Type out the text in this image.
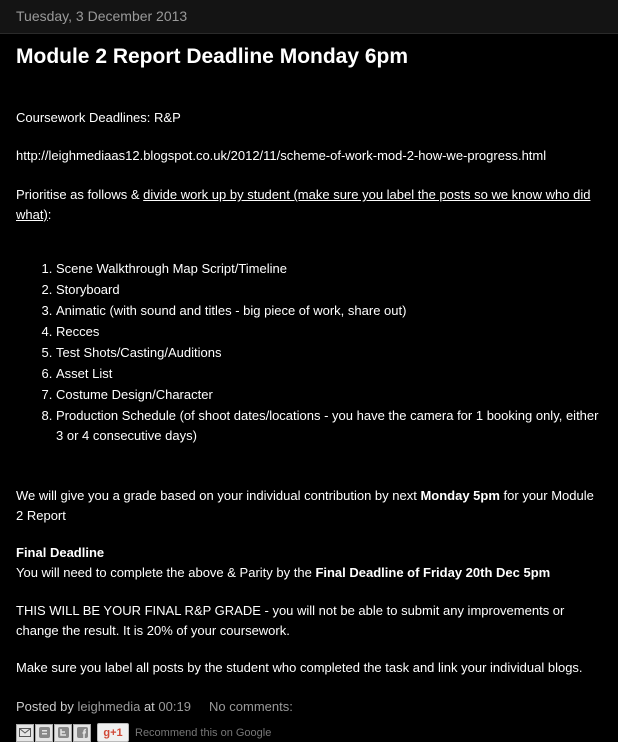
Tuesday, 3 December 2013
Module 2 Report Deadline Monday 6pm

Coursework Deadlines: R&P

http://leighmediaas12.blogspot.co.uk/2012/11/scheme-of-work-mod-2-how-we-progress.html

Prioritise as follows & divide work up by student (make sure you label the posts so we know who did what):

1. Scene Walkthrough Map Script/Timeline
2. Storyboard
3. Animatic (with sound and titles - big piece of work, share out)
4. Recces
5. Test Shots/Casting/Auditions
6. Asset List
7. Costume Design/Character
8. Production Schedule (of shoot dates/locations - you have the camera for 1 booking only, either 3 or 4 consecutive days)

We will give you a grade based on your individual contribution by next Monday 5pm for your Module 2 Report

Final Deadline
You will need to complete the above & Parity by the Final Deadline of Friday 20th Dec 5pm

THIS WILL BE YOUR FINAL R&P GRADE - you will not be able to submit any improvements or change the result. It is 20% of your coursework.

Make sure you label all posts by the student who completed the task and link your individual blogs.

Posted by leighmedia at 00:19 No comments:
g+1	Recommend this on Google
